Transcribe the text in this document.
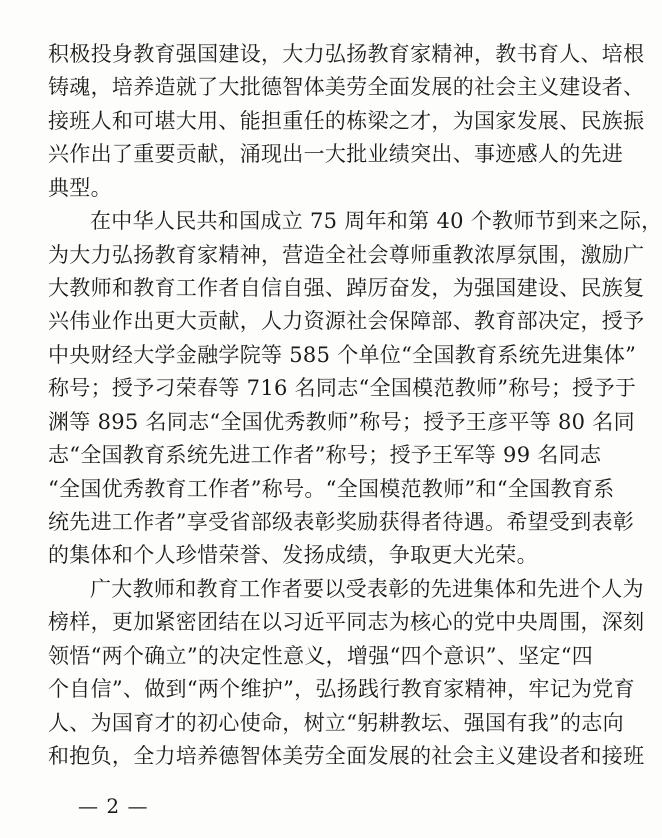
积极投身教育强国建设，大力弘扬教育家精神，教书育人、培根
铸魂，培养造就了大批德智体美劳全面发展的社会主义建设者、
接班人和可堪大用、能担重任的栋梁之才，为国家发展、民族振
兴作出了重要贡献，涌现出一大批业绩突出、事迹感人的先进
典型。
在中华人民共和国成立 75 周年和第 40 个教师节到来之际，
为大力弘扬教育家精神，营造全社会尊师重教浓厚氛围，激励广
大教师和教育工作者自信自强、踔厉奋发，为强国建设、民族复
兴伟业作出更大贡献，人力资源社会保障部、教育部决定，授予
中央财经大学金融学院等 585 个单位“全国教育系统先进集体”
称号；授予刁荣春等 716 名同志“全国模范教师”称号；授予于
渊等 895 名同志“全国优秀教师”称号；授予王彦平等 80 名同
志“全国教育系统先进工作者”称号；授予王军等 99 名同志
“全国优秀教育工作者”称号。“全国模范教师”和“全国教育系
统先进工作者”享受省部级表彰奖励获得者待遇。希望受到表彰
的集体和个人珍惜荣誉、发扬成绩，争取更大光荣。
广大教师和教育工作者要以受表彰的先进集体和先进个人为
榜样，更加紧密团结在以习近平同志为核心的党中央周围，深刻
领悟“两个确立”的决定性意义，增强“四个意识”、坚定“四
个自信”、做到“两个维护”，弘扬践行教育家精神，牢记为党育
人、为国育才的初心使命，树立“躬耕教坛、强国有我”的志向
和抱负，全力培养德智体美劳全面发展的社会主义建设者和接班
— 2 —
